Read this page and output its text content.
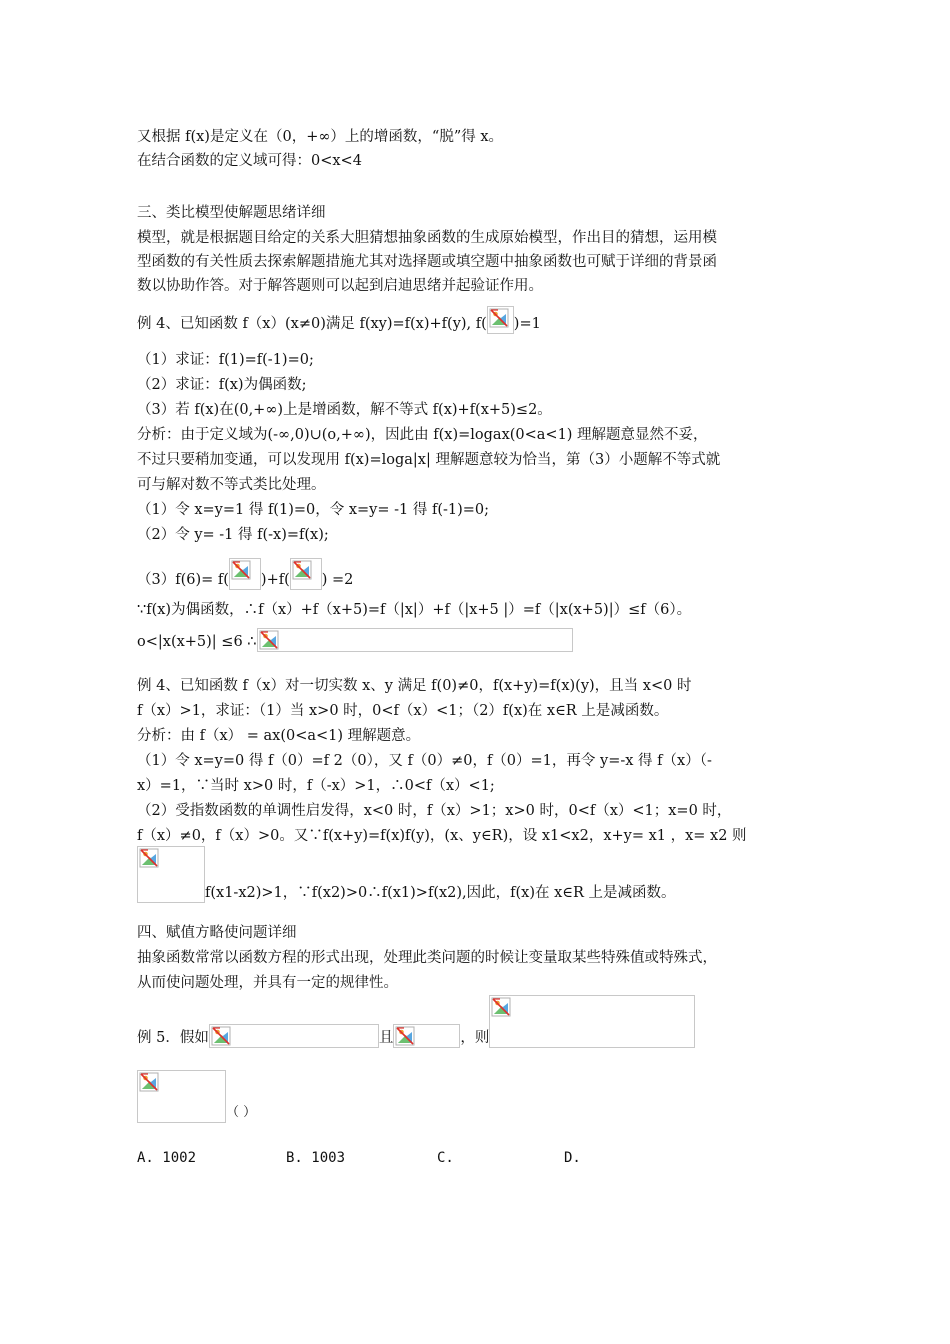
又根据 f(x)是定义在（0，+∞）上的增函数，“脱”得 x。
在结合函数的定义域可得：0<x<4
三、类比模型使解题思绪详细
模型，就是根据题目给定的关系大胆猜想抽象函数的生成原始模型，作出目的猜想，运用模
型函数的有关性质去探索解题措施尤其对选择题或填空题中抽象函数也可赋于详细的背景函
数以协助作答。对于解答题则可以起到启迪思绪并起验证作用。
例 4、已知函数 f（x）(x≠0)满足 f(xy)=f(x)+f(y), f( )=1
（1）求证：f(1)=f(-1)=0;
（2）求证：f(x)为偶函数;
（3）若 f(x)在(0,+∞)上是增函数，解不等式 f(x)+f(x+5)≤2。
分析：由于定义域为(-∞,0)∪(o,+∞)，因此由 f(x)=logax(0<a<1) 理解题意显然不妥，
不过只要稍加变通，可以发现用 f(x)=loga|x| 理解题意较为恰当，第（3）小题解不等式就
可与解对数不等式类比处理。
（1）令 x=y=1 得 f(1)=0，令 x=y= -1 得 f(-1)=0;
（2）令 y= -1 得 f(-x)=f(x);
（3）f(6)= f( )+f( ) =2
∵f(x)为偶函数，∴f（x）+f（x+5)=f（|x|）+f（|x+5 |）=f（|x(x+5)|）≤f（6）。
o<|x(x+5)| ≤6 ∴
例 4、已知函数 f（x）对一切实数 x、y 满足 f(0)≠0，f(x+y)=f(x)(y)，且当 x<0 时
f（x）>1，求证：（1）当 x>0 时，0<f（x）<1；（2）f(x)在 x∈R 上是减函数。
分析：由 f（x） = ax(0<a<1) 理解题意。
（1）令 x=y=0 得 f（0）=f 2（0），又 f（0）≠0，f（0）=1，再令 y=-x 得 f（x）（-
x）=1，∵当时 x>0 时，f（-x）>1，∴0<f（x）<1;
（2）受指数函数的单调性启发得，x<0 时，f（x）>1；x>0 时，0<f（x）<1；x=0 时，
f（x）≠0，f（x）>0。又∵f(x+y)=f(x)f(y)，(x、y∈R)，设 x1<x2，x+y= x1 ，x= x2 则
f(x1-x2)>1，∵f(x2)>0∴f(x1)>f(x2),因此，f(x)在 x∈R 上是减函数。
四、赋值方略使问题详细
抽象函数常常以函数方程的形式出现，处理此类问题的时候让变量取某些特殊值或特殊式，
从而使问题处理，并具有一定的规律性。
例 5．假如	且	，则
（ ）
A. 1002	B. 1003	C.	D.
